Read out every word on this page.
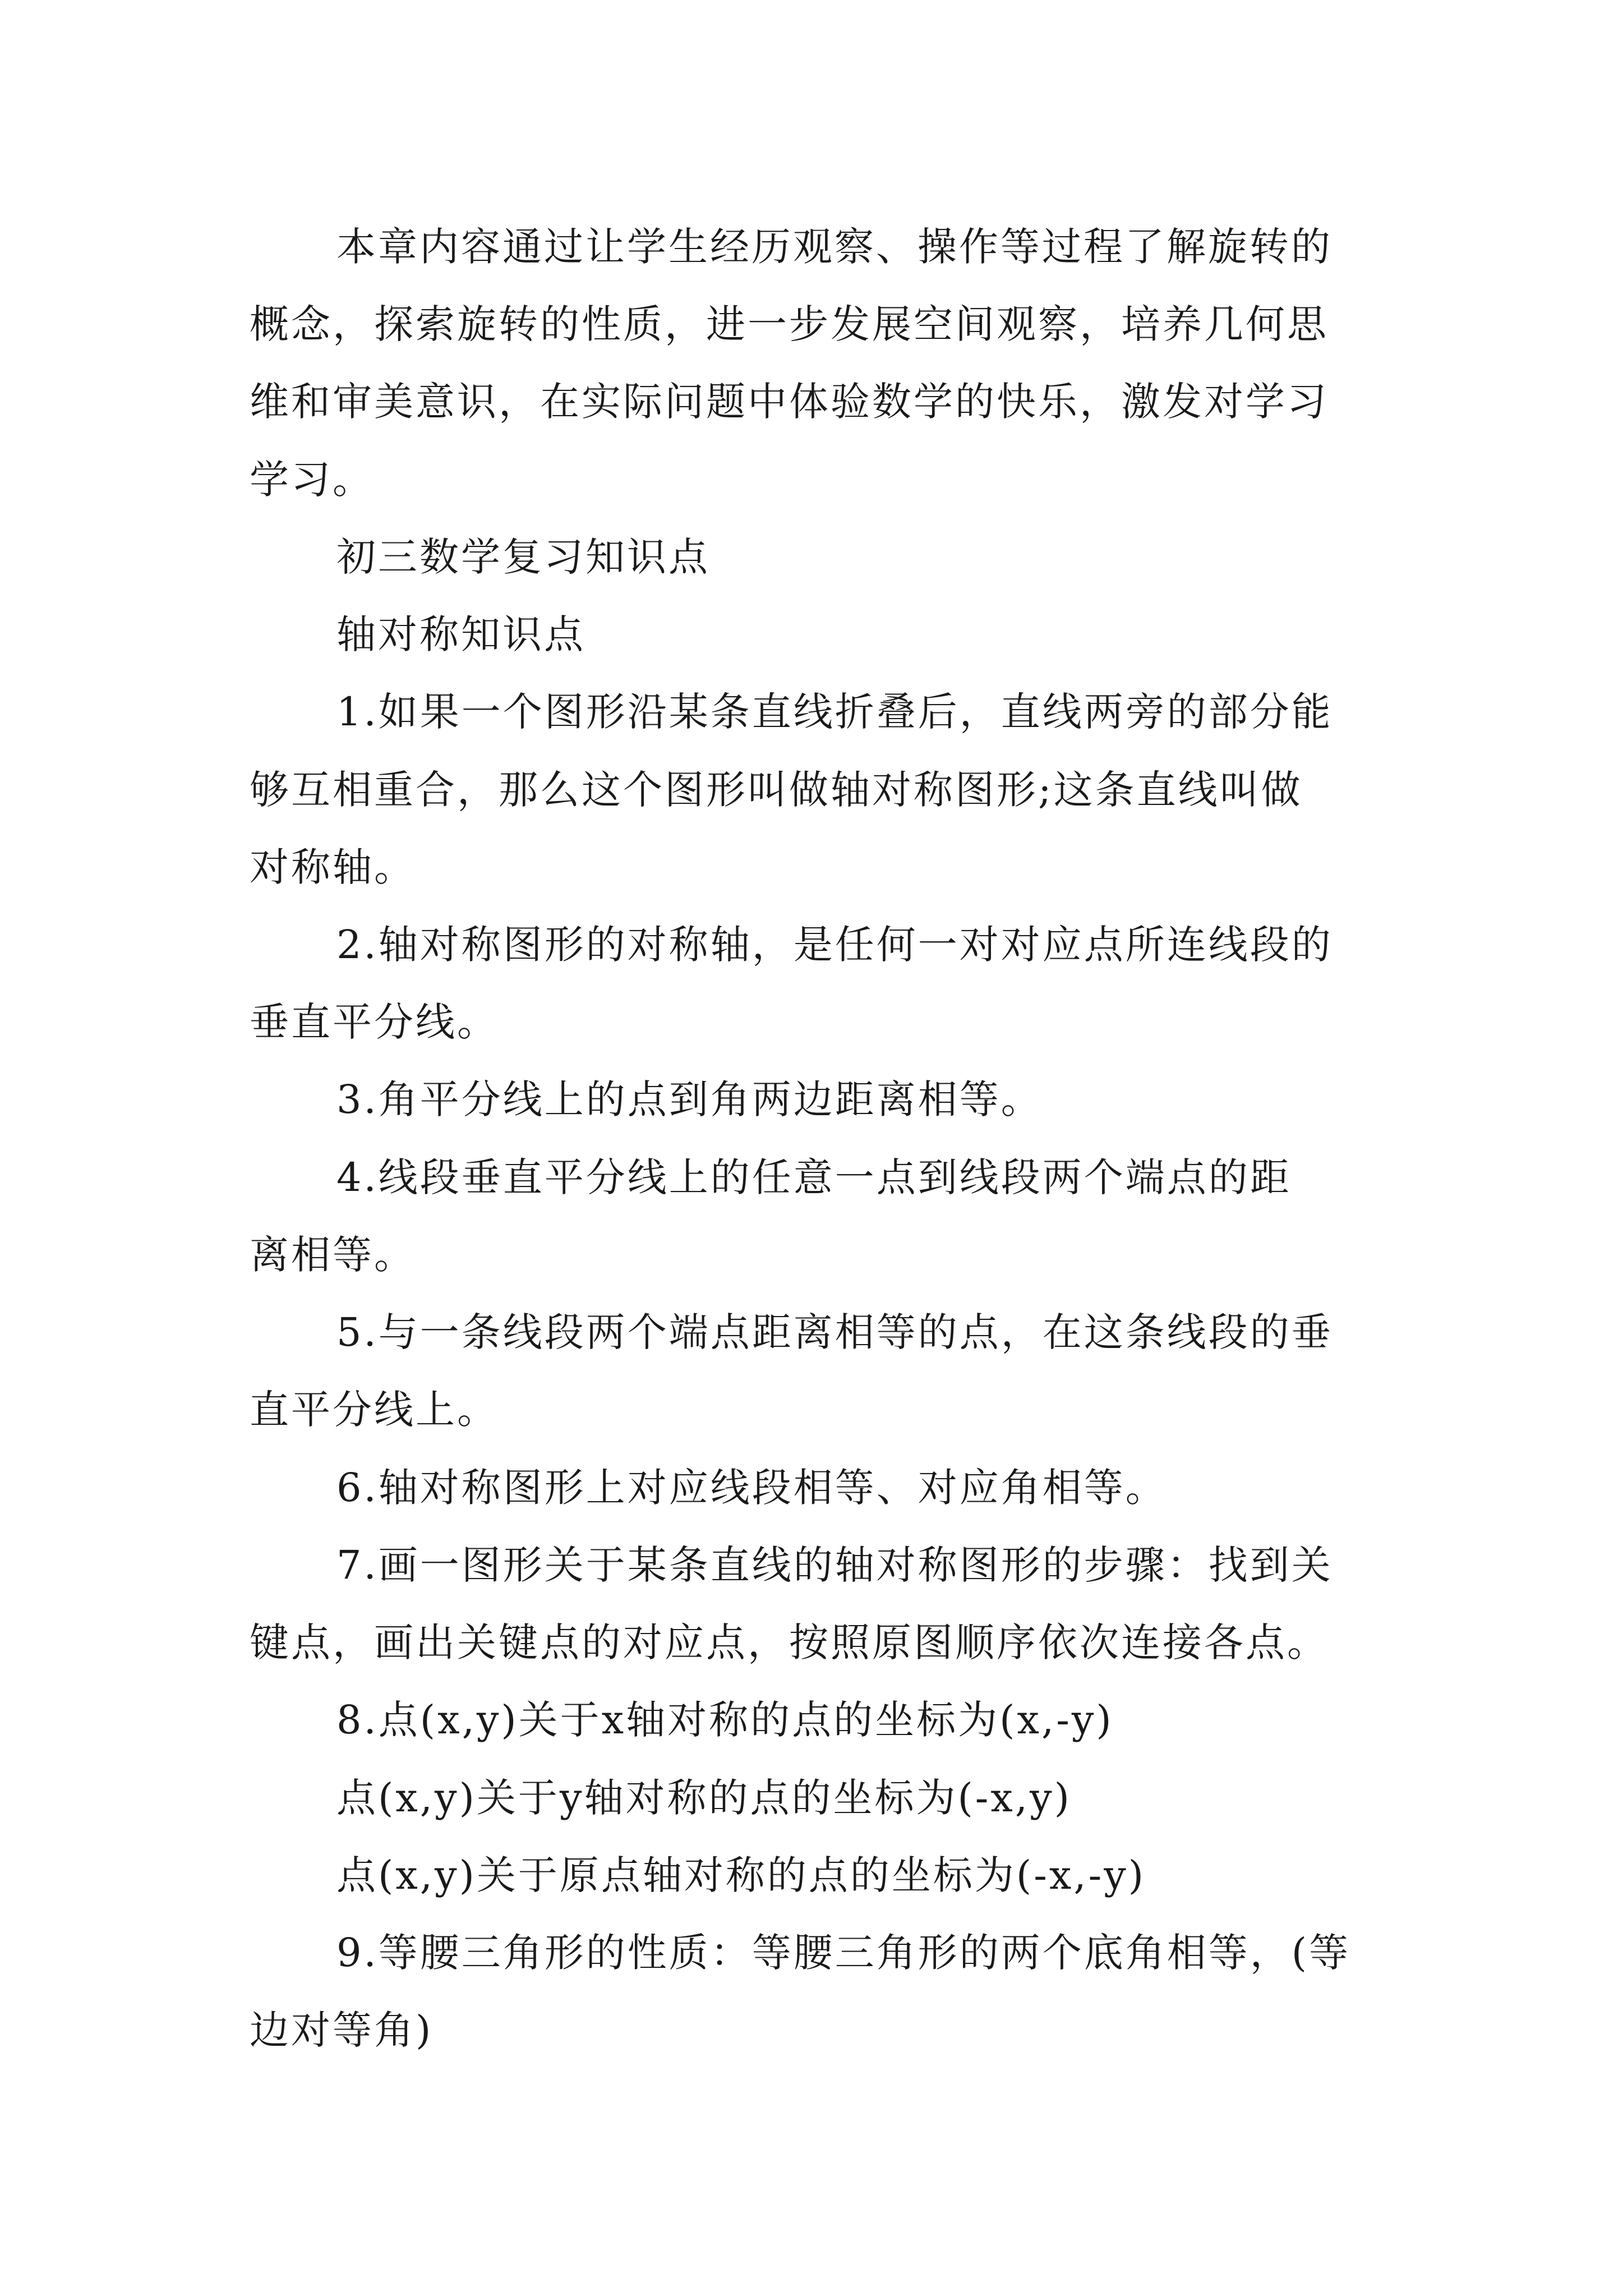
本章内容通过让学生经历观察、操作等过程了解旋转的
概念，探索旋转的性质，进一步发展空间观察，培养几何思
维和审美意识，在实际问题中体验数学的快乐，激发对学习
学习。
初三数学复习知识点
轴对称知识点
1.如果一个图形沿某条直线折叠后，直线两旁的部分能
够互相重合，那么这个图形叫做轴对称图形;这条直线叫做
对称轴。
2.轴对称图形的对称轴，是任何一对对应点所连线段的
垂直平分线。
3.角平分线上的点到角两边距离相等。
4.线段垂直平分线上的任意一点到线段两个端点的距
离相等。
5.与一条线段两个端点距离相等的点，在这条线段的垂
直平分线上。
6.轴对称图形上对应线段相等、对应角相等。
7.画一图形关于某条直线的轴对称图形的步骤：找到关
键点，画出关键点的对应点，按照原图顺序依次连接各点。
8.点(x,y)关于x轴对称的点的坐标为(x,-y)
点(x,y)关于y轴对称的点的坐标为(-x,y)
点(x,y)关于原点轴对称的点的坐标为(-x,-y)
9.等腰三角形的性质：等腰三角形的两个底角相等，(等
边对等角)
